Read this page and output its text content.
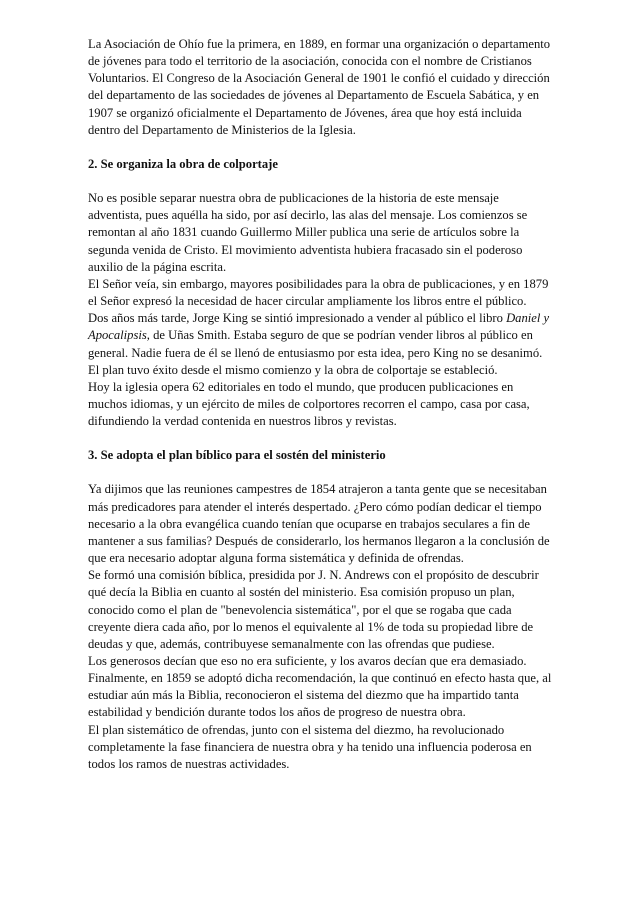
La Asociación de Ohío fue la primera, en 1889, en formar una organización o departamento de jóvenes para todo el territorio de la asociación, conocida con el nombre de Cristianos Voluntarios. El Congreso de la Asociación General de 1901 le confió el cuidado y dirección del departamento de las sociedades de jóvenes al Departamento de Escuela Sabática, y en 1907 se organizó oficialmente el Departamento de Jóvenes, área que hoy está incluida dentro del Departamento de Ministerios de la Iglesia.

2. Se organiza la obra de colportaje

No es posible separar nuestra obra de publicaciones de la historia de este mensaje adventista, pues aquélla ha sido, por así decirlo, las alas del mensaje. Los comienzos se remontan al año 1831 cuando Guillermo Miller publica una serie de artículos sobre la segunda venida de Cristo. El movimiento adventista hubiera fracasado sin el poderoso auxilio de la página escrita.

El Señor veía, sin embargo, mayores posibilidades para la obra de publicaciones, y en 1879 el Señor expresó la necesidad de hacer circular ampliamente los libros entre el público.

Dos años más tarde, Jorge King se sintió impresionado a vender al público el libro Daniel y Apocalipsis, de Uñas Smith. Estaba seguro de que se podrían vender libros al público en general. Nadie fuera de él se llenó de entusiasmo por esta idea, pero King no se desanimó. El plan tuvo éxito desde el mismo comienzo y la obra de colportaje se estableció.

Hoy la iglesia opera 62 editoriales en todo el mundo, que producen publicaciones en muchos idiomas, y un ejército de miles de colportores recorren el campo, casa por casa, difundiendo la verdad contenida en nuestros libros y revistas.

3. Se adopta el plan bíblico para el sostén del ministerio

Ya dijimos que las reuniones campestres de 1854 atrajeron a tanta gente que se necesitaban más predicadores para atender el interés despertado. ¿Pero cómo podían dedicar el tiempo necesario a la obra evangélica cuando tenían que ocuparse en trabajos seculares a fin de mantener a sus familias? Después de considerarlo, los hermanos llegaron a la conclusión de que era necesario adoptar alguna forma sistemática y definida de ofrendas.

Se formó una comisión bíblica, presidida por J. N. Andrews con el propósito de descubrir qué decía la Biblia en cuanto al sostén del ministerio. Esa comisión propuso un plan, conocido como el plan de "benevolencia sistemática", por el que se rogaba que cada creyente diera cada año, por lo menos el equivalente al 1% de toda su propiedad libre de deudas y que, además, contribuyese semanalmente con las ofrendas que pudiese.

Los generosos decían que eso no era suficiente, y los avaros decían que era demasiado. Finalmente, en 1859 se adoptó dicha recomendación, la que continuó en efecto hasta que, al estudiar aún más la Biblia, reconocieron el sistema del diezmo que ha impartido tanta estabilidad y bendición durante todos los años de progreso de nuestra obra.

El plan sistemático de ofrendas, junto con el sistema del diezmo, ha revolucionado completamente la fase financiera de nuestra obra y ha tenido una influencia poderosa en todos los ramos de nuestras actividades.
